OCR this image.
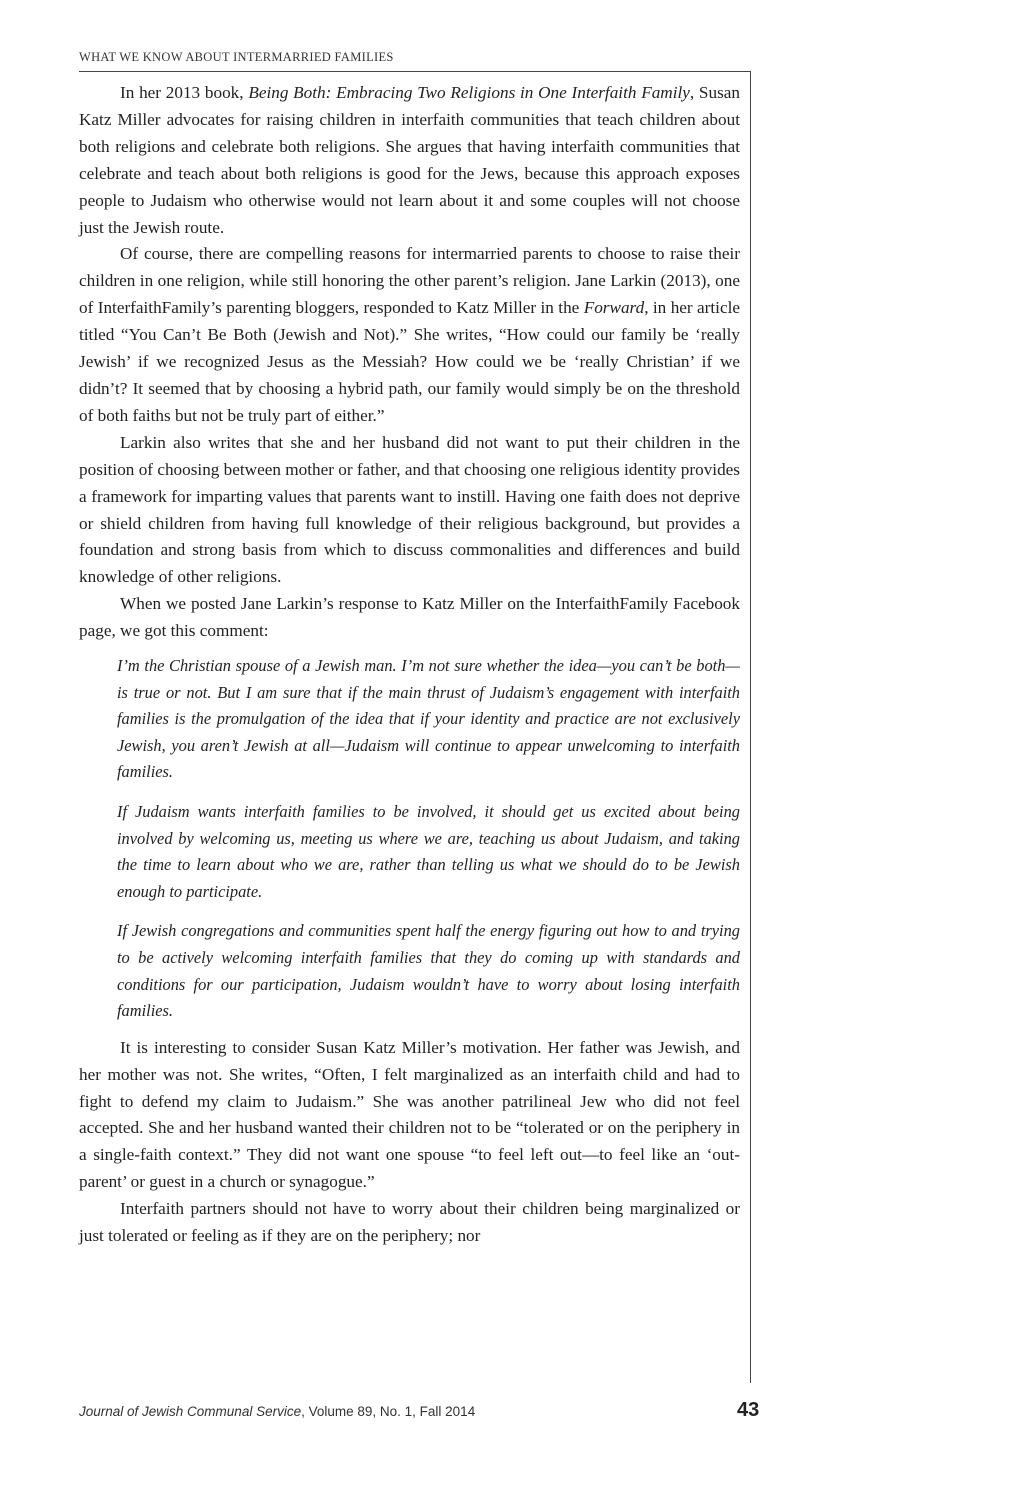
WHAT WE KNOW ABOUT INTERMARRIED FAMILIES

In her 2013 book, Being Both: Embracing Two Religions in One Interfaith Family, Susan Katz Miller advocates for raising children in interfaith communities that teach children about both religions and celebrate both religions. She argues that having interfaith communities that celebrate and teach about both religions is good for the Jews, because this approach exposes people to Judaism who otherwise would not learn about it and some couples will not choose just the Jewish route.

Of course, there are compelling reasons for intermarried parents to choose to raise their children in one religion, while still honoring the other parent’s religion. Jane Larkin (2013), one of InterfaithFamily’s parenting bloggers, responded to Katz Miller in the Forward, in her article titled “You Can’t Be Both (Jewish and Not).” She writes, “How could our family be ‘really Jewish’ if we recognized Jesus as the Messiah? How could we be ‘really Christian’ if we didn’t? It seemed that by choosing a hybrid path, our family would simply be on the threshold of both faiths but not be truly part of either.”

Larkin also writes that she and her husband did not want to put their children in the position of choosing between mother or father, and that choosing one religious identity provides a framework for imparting values that parents want to instill. Having one faith does not deprive or shield children from having full knowledge of their religious background, but provides a foundation and strong basis from which to discuss commonalities and differences and build knowledge of other religions.

When we posted Jane Larkin’s response to Katz Miller on the InterfaithFamily Facebook page, we got this comment:

I’m the Christian spouse of a Jewish man. I’m not sure whether the idea—you can’t be both—is true or not. But I am sure that if the main thrust of Judaism’s engagement with interfaith families is the promulgation of the idea that if your identity and practice are not exclusively Jewish, you aren’t Jewish at all—Judaism will continue to appear unwelcoming to interfaith families.

If Judaism wants interfaith families to be involved, it should get us excited about being involved by welcoming us, meeting us where we are, teaching us about Judaism, and taking the time to learn about who we are, rather than telling us what we should do to be Jewish enough to participate.

If Jewish congregations and communities spent half the energy figuring out how to and trying to be actively welcoming interfaith families that they do coming up with standards and conditions for our participation, Judaism wouldn’t have to worry about losing interfaith families.

It is interesting to consider Susan Katz Miller’s motivation. Her father was Jewish, and her mother was not. She writes, “Often, I felt marginalized as an interfaith child and had to fight to defend my claim to Judaism.” She was another patrilineal Jew who did not feel accepted. She and her husband wanted their children not to be “tolerated or on the periphery in a single-faith context.” They did not want one spouse “to feel left out—to feel like an ‘out-parent’ or guest in a church or synagogue.”

Interfaith partners should not have to worry about their children being marginalized or just tolerated or feeling as if they are on the periphery; nor

Journal of Jewish Communal Service, Volume 89, No. 1, Fall 2014	43
